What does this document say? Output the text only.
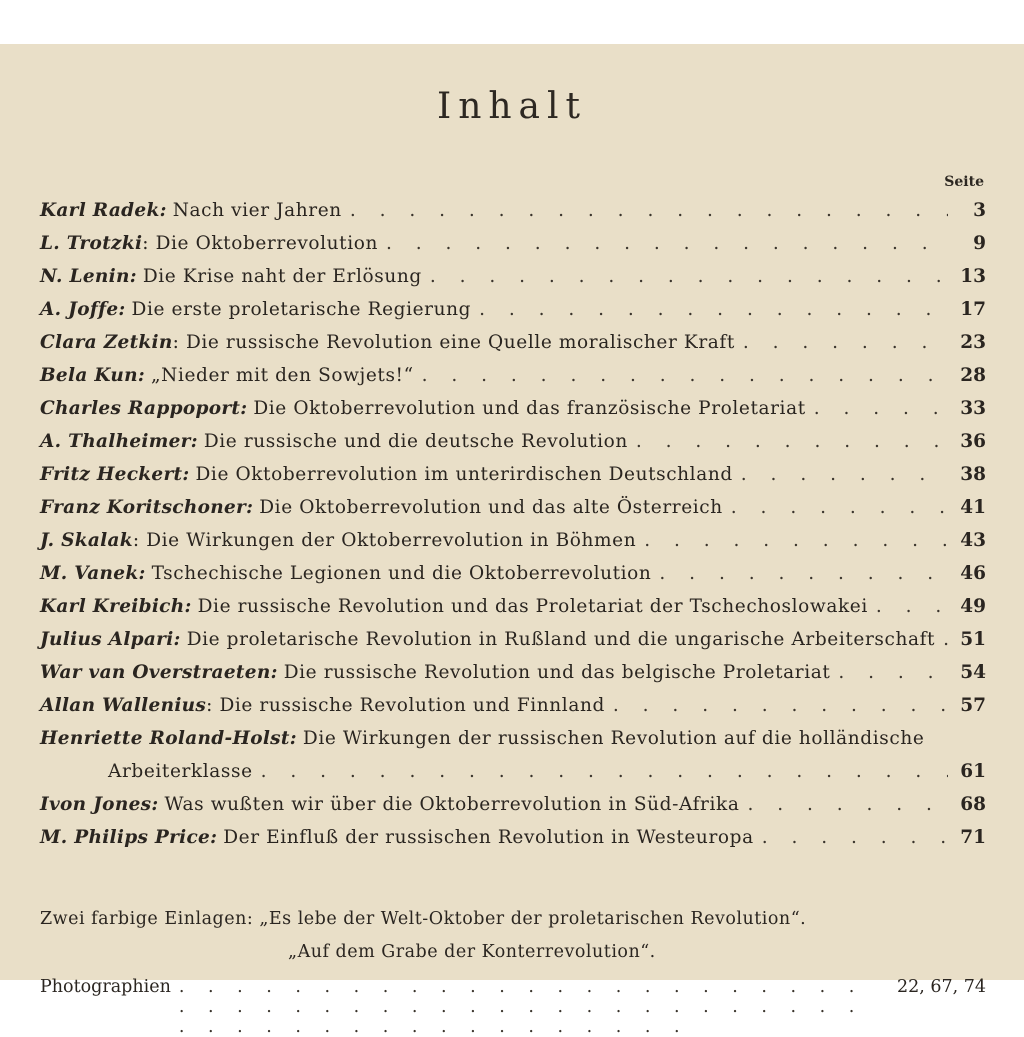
Inhalt
Seite
Karl Radek: Nach vier Jahren . . .	3
L. Trotzki : Die Oktoberrevolution . . .	9
N. Lenin: Die Krise naht der Erlösung . . .	13
A. Joffe: Die erste proletarische Regierung . . .	17
Clara Zetkin : Die russische Revolution eine Quelle moralischer Kraft . . .	23
Bela Kun: „Nieder mit den Sowjets!“ . . .	28
Charles Rappoport: Die Oktoberrevolution und das französische Proletariat . . .	33
A. Thalheimer: Die russische und die deutsche Revolution . . .	36
Fritz Heckert: Die Oktoberrevolution im unterirdischen Deutschland . . .	38
Franz Koritschoner: Die Oktoberrevolution und das alte Österreich . . .	41
J. Skalak : Die Wirkungen der Oktoberrevolution in Böhmen . . .	43
M. Vanek: Tschechische Legionen und die Oktoberrevolution . . .	46
Karl Kreibich: Die russische Revolution und das Proletariat der Tschechoslowakei . . .	49
Julius Alpari: Die proletarische Revolution in Rußland und die ungarische Arbeiterschaft . . . 51
War van Overstraeten: Die russische Revolution und das belgische Proletariat . . .	54
Allan Wallenius : Die russische Revolution und Finnland . . .	57
Henriette Roland-Holst: Die Wirkungen der russischen Revolution auf die holländische
Arbeiterklasse . . .	61
Ivon Jones: Was wußten wir über die Oktoberrevolution in Süd-Afrika . . .	68
M. Philips Price: Der Einfluß der russischen Revolution in Westeuropa . . .	71
Zwei farbige Einlagen: „Es lebe der Welt-Oktober der proletarischen Revolution“.
„Auf dem Grabe der Konterrevolution“.
Photographien . . .	22, 67, 74
